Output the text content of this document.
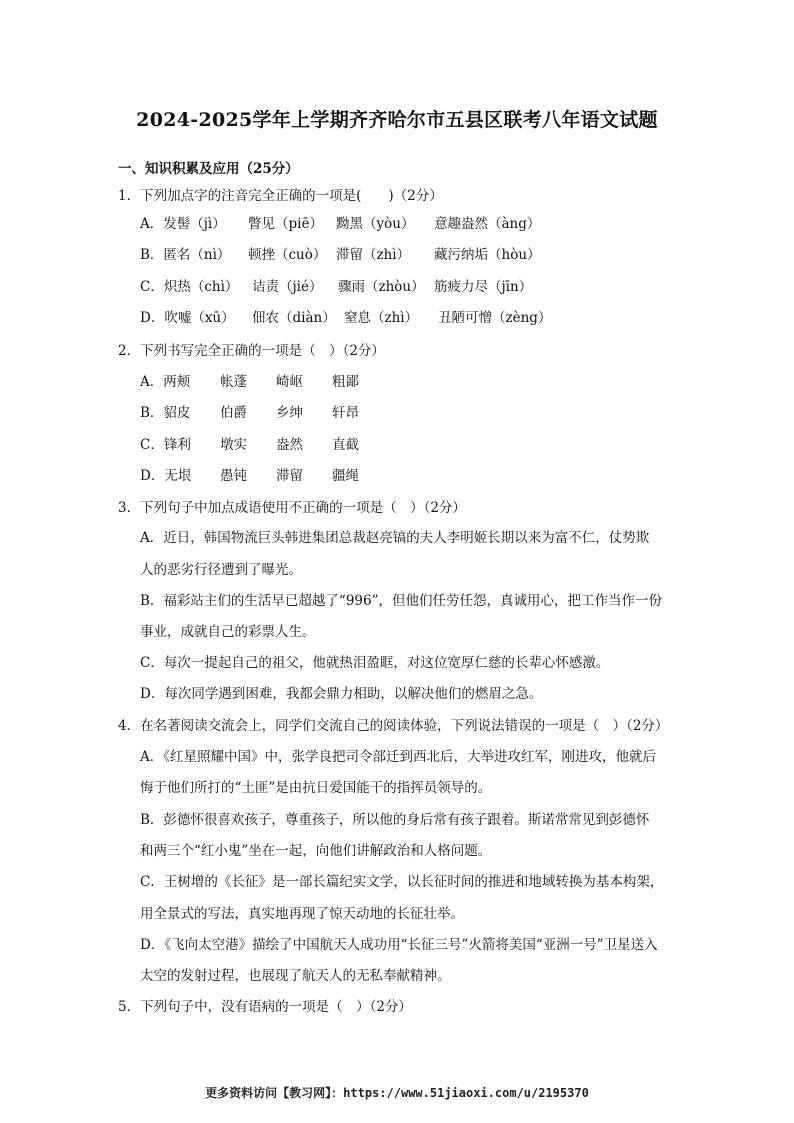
2024-2025学年上学期齐齐哈尔市五县区联考八年语文试题
一、知识积累及应用（25分）
1．下列加点字的注音完全正确的一项是(　　)（2分）
A．发髻（jì） 瞥见（piē） 黝黑（yòu） 意趣盎然（àng）
B．匿名（nì） 顿挫（cuò） 滞留（zhì） 藏污纳垢（hòu）
C．炽热（chì） 诘责（jié） 骤雨（zhòu） 筋疲力尽（jīn）
D．吹嘘（xū） 佃农（diàn） 窒息（zhì） 丑陋可憎（zèng）
2．下列书写完全正确的一项是（　）（2分）
A．两颊 帐蓬 崎岖 粗鄙
B．貂皮 伯爵 乡绅 轩昂
C．锋利 墩实 盎然 直截
D．无垠 愚钝 滞留 疆绳
3．下列句子中加点成语使用不正确的一项是（　）（2分）
A．近日，韩国物流巨头韩进集团总裁赵亮镐的夫人李明姬长期以来为富不仁，仗势欺
人的恶劣行径遭到了曝光。
B．福彩站主们的生活早已超越了“996”，但他们任劳任怨，真诚用心，把工作当作一份
事业，成就自己的彩票人生。
C．每次一提起自己的祖父，他就热泪盈眶，对这位宽厚仁慈的长辈心怀感激。
D．每次同学遇到困难，我都会鼎力相助，以解决他们的燃眉之急。
4．在名著阅读交流会上，同学们交流自己的阅读体验，下列说法错误的一项是（　）（2分）
A．《红星照耀中国》中，张学良把司令部迁到西北后，大举进攻红军，刚进攻，他就后
悔于他们所打的“土匪”是由抗日爱国能干的指挥员领导的。
B．彭德怀很喜欢孩子，尊重孩子，所以他的身后常有孩子跟着。斯诺常常见到彭德怀
和两三个“红小鬼”坐在一起，向他们讲解政治和人格问题。
C．王树增的《长征》是一部长篇纪实文学，以长征时间的推进和地域转换为基本构架，
用全景式的写法，真实地再现了惊天动地的长征壮举。
D．《飞向太空港》描绘了中国航天人成功用“长征三号”火箭将美国“亚洲一号”卫星送入
太空的发射过程，也展现了航天人的无私奉献精神。
5．下列句子中，没有语病的一项是（　）（2分）
更多资料访问【教习网】：https://www.51jiaoxi.com/u/2195370
